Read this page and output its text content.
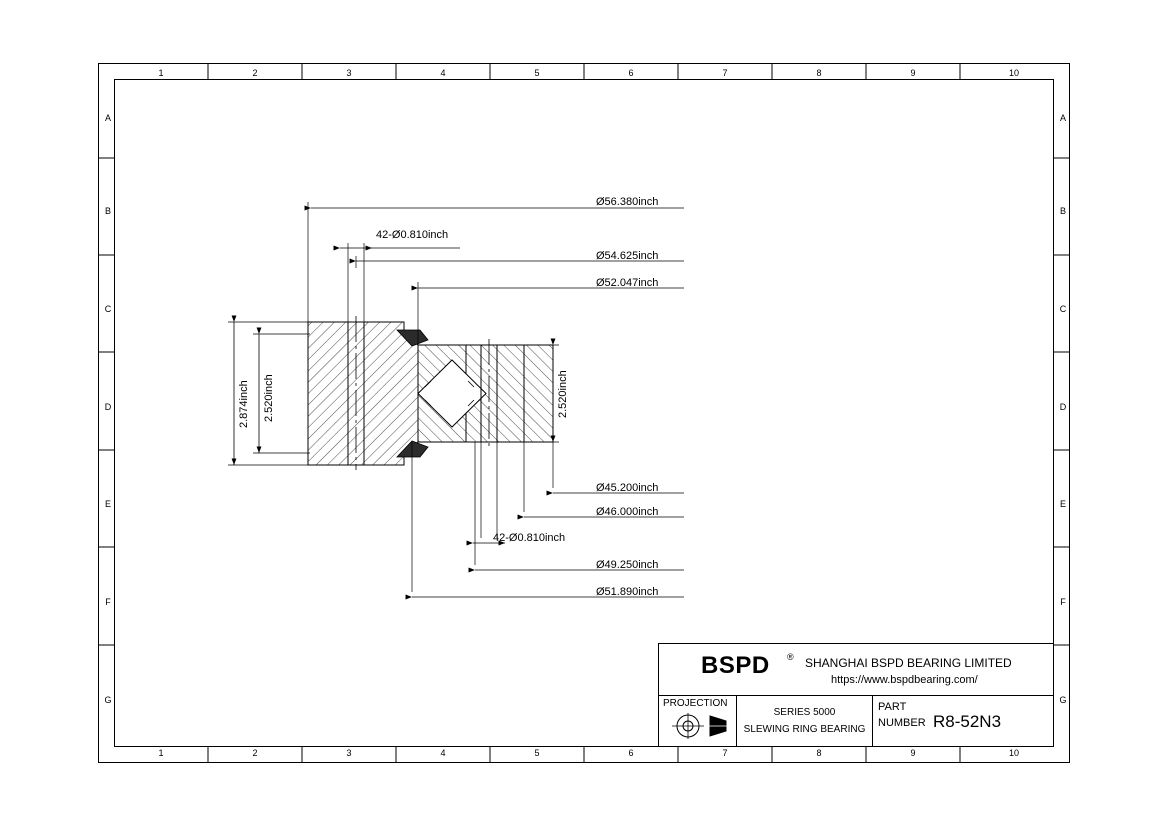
1	2	3	4	5	6	7	8	9	10
1	2	3	4	5	6	7	8	9	10
A
B
C
D
E
F
G
A
B
C
D
E
F
G
Ø56.380inch
42-Ø0.810inch
Ø54.625inch
Ø52.047inch
2.874inch 2.520inch	2.520inch
Ø45.200inch
Ø46.000inch
42-Ø0.810inch
Ø49.250inch
Ø51.890inch
BSPD ® SHANGHAI BSPD BEARING LIMITED
https://www.bspdbearing.com/
PROJECTION
SERIES 5000
SLEWING RING BEARING
PART
NUMBER R8-52N3
